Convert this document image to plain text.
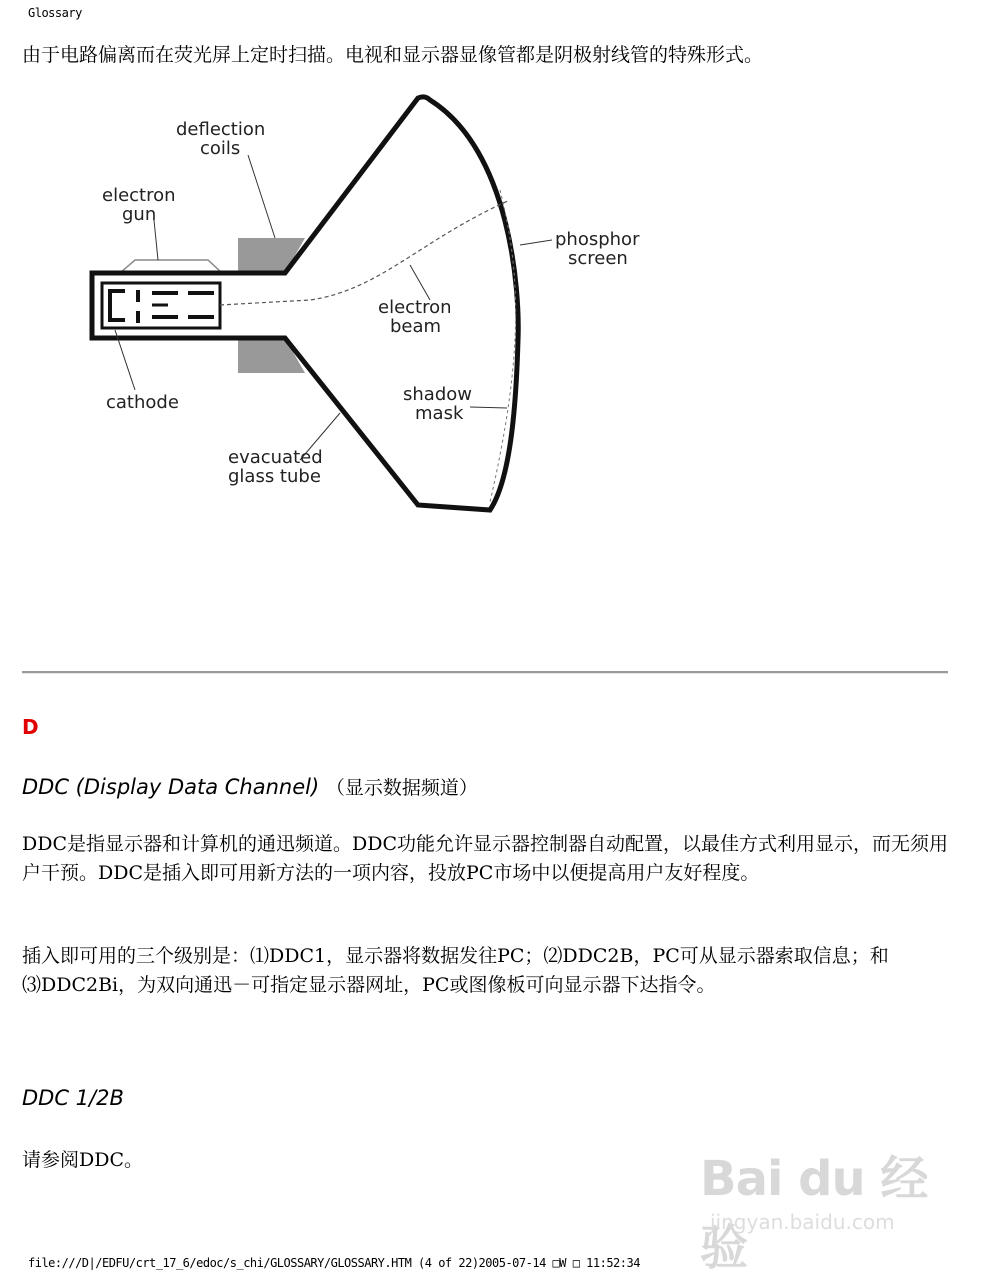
Glossary
由于电路偏离而在荧光屏上定时扫描。电视和显示器显像管都是阴极射线管的特殊形式。
deflection
coils
electron
gun
phosphor
screen
electron
beam
cathode	shadow
mask
evacuated
glass tube
D
DDC (Display Data Channel) （显示数据频道）
DDC是指显示器和计算机的通迅频道。DDC功能允许显示器控制器自动配置，以最佳方式利用显示，而无须用户干预。DDC是插入即可用新方法的一项内容，投放PC市场中以便提高用户友好程度。
插入即可用的三个级别是：⑴DDC1，显示器将数据发往PC；⑵DDC2B，PC可从显示器索取信息；和⑶DDC2Bi，为双向通迅－可指定显示器网址，PC或图像板可向显示器下达指令。
DDC 1/2B
请参阅DDC。	Bai du 经验
jingyan.baidu.com
file:///D|/EDFU/crt_17_6/edoc/s_chi/GLOSSARY/GLOSSARY.HTM (4 of 22)2005-07-14 □W □ 11:52:34
